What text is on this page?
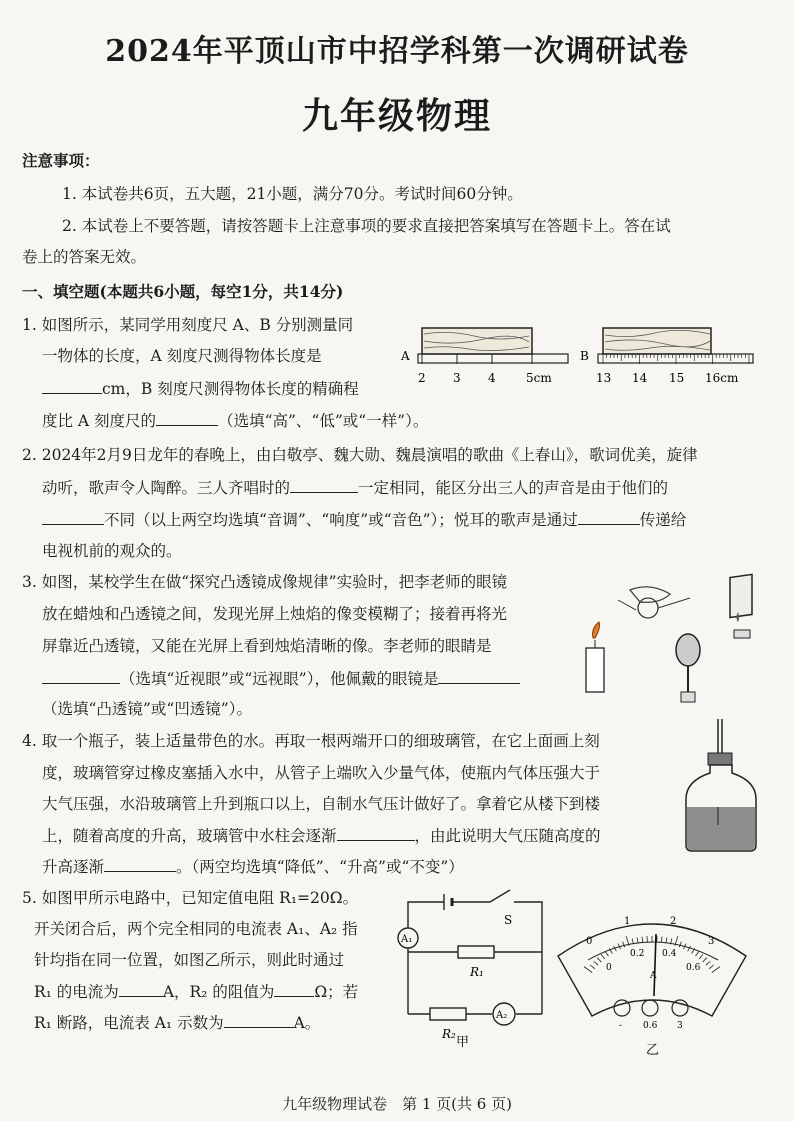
2024年平顶山市中招学科第一次调研试卷
九年级物理
注意事项：
1. 本试卷共6页，五大题，21小题，满分70分。考试时间60分钟。
2. 本试卷上不要答题，请按答题卡上注意事项的要求直接把答案填写在答题卡上。答在试
卷上的答案无效。
一、填空题(本题共6小题，每空1分，共14分)
1. 如图所示，某同学用刻度尺 A、B 分别测量同
一物体的长度，A 刻度尺测得物体长度是
cm，B 刻度尺测得物体长度的精确程
度比 A 刻度尺的	（选填“高”、“低”或“一样”）。
A
2 3 4	5cm
B
13 14 15 16cm
2. 2024年2月9日龙年的春晚上，由白敬亭、魏大勋、魏晨演唱的歌曲《上春山》，歌词优美，旋律
动听，歌声令人陶醉。三人齐唱时的	一定相同，能区分出三人的声音是由于他们的
不同（以上两空均选填“音调”、“响度”或“音色”）；悦耳的歌声是通过	传递给
电视机前的观众的。
3. 如图，某校学生在做“探究凸透镜成像规律”实验时，把李老师的眼镜
放在蜡烛和凸透镜之间，发现光屏上烛焰的像变模糊了；接着再将光
屏靠近凸透镜，又能在光屏上看到烛焰清晰的像。李老师的眼睛是
（选填“近视眼”或“远视眼”），他佩戴的眼镜是
（选填“凸透镜”或“凹透镜”）。
4. 取一个瓶子，装上适量带色的水。再取一根两端开口的细玻璃管，在它上面画上刻
度，玻璃管穿过橡皮塞插入水中，从管子上端吹入少量气体，使瓶内气体压强大于
大气压强，水沿玻璃管上升到瓶口以上，自制水气压计做好了。拿着它从楼下到楼
上，随着高度的升高，玻璃管中水柱会逐渐	，由此说明大气压随高度的
升高逐渐	。（两空均选填“降低”、“升高”或“不变”）
5. 如图甲所示电路中，已知定值电阻 R₁=20Ω。
开关闭合后，两个完全相同的电流表 A₁、A₂ 指
针均指在同一位置，如图乙所示，则此时通过
R₁ 的电流为	A，R₂ 的阻值为	Ω；若
R₁ 断路，电流表 A₁ 示数为	A。
A₁
A₂
S
R₁
R₂
甲
0
1	2
3
0
0.2 0.4
0.6
A
- 0.6 3
乙
九年级物理试卷　第 1 页(共 6 页)
